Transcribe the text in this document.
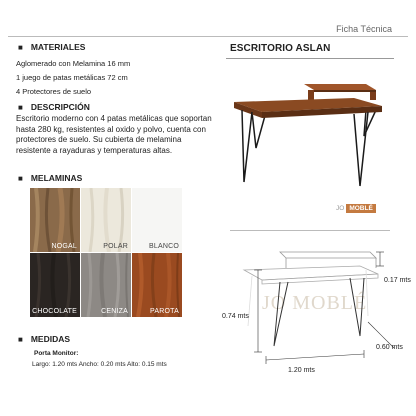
Ficha Técnica
■ MATERIALES
Aglomerado con Melamina 16 mm
1 juego de patas metálicas 72 cm
4 Protectores de suelo
■ DESCRIPCIÓN
Escritorio moderno con 4 patas metálicas que soportan hasta 280 kg, resistentes al oxido y polvo, cuenta con protectores de suelo. Su cubierta de melamina resistente a rayaduras y temperaturas altas.
■ MELAMINAS
NOGAL	POLAR	BLANCO
CHOCOLATE	CENIZA	PAROTA
■ MEDIDAS
Porta Monitor:
Largo: 1.20 mts Ancho: 0.20 mts Alto: 0.15 mts
ESCRITORIO ASLAN
JO MOBLÉ
JO MOBLÉ
0.17 mts
0.74 mts
0.60 mts
1.20 mts
